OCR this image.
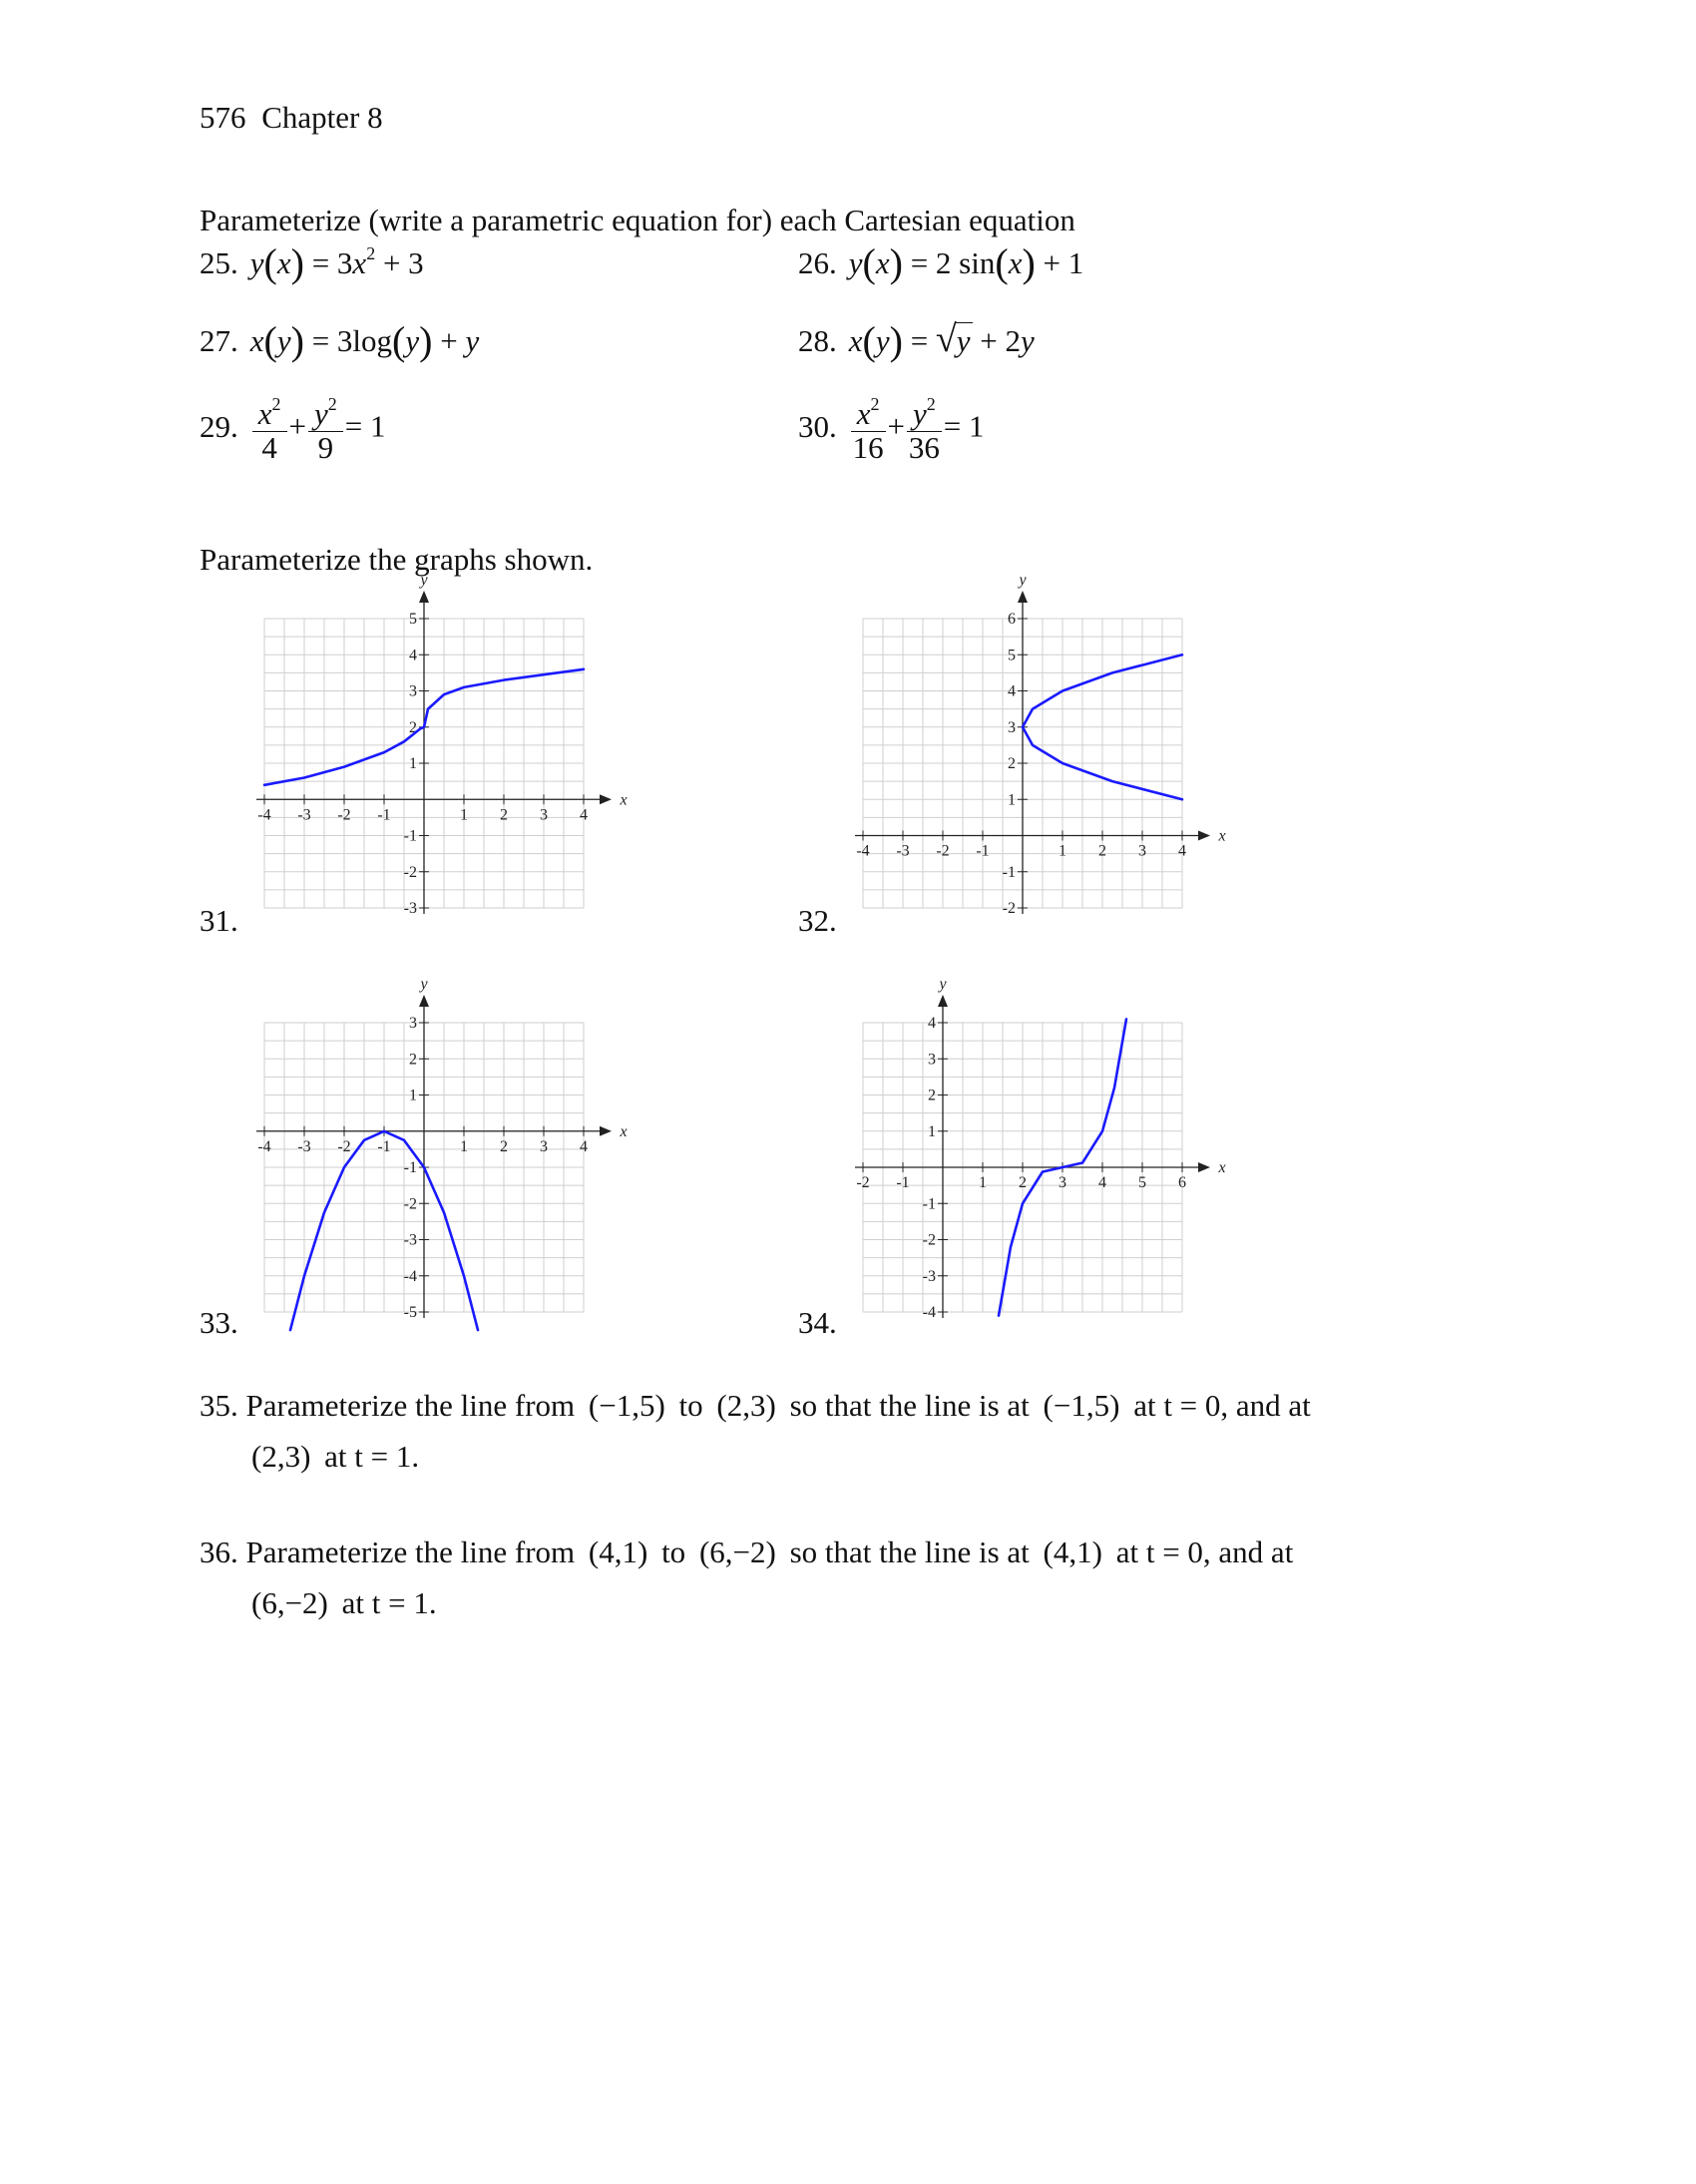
576 Chapter 8
Parameterize (write a parametric equation for) each Cartesian equation
25. $y(x) = 3x^2 + 3$	26. y(x) = 2 sin(x) + 1
27. x(y) = 3log(y) + y	28. x(y) = √y + 2y
29. $\frac{x^2}{4} + \frac{y^2}{9} = 1$	30. $\frac{x^2}{16} + \frac{y^2}{36} = 1$
Parameterize the graphs shown.
31.	32.
33.	34.
x
y
-4 -3 -2 -1	1 2 3 4
-3
-2
-1
1
2
3
4
5
x
y
-4 -3 -2 -1	1 2 3 4
-2
-1
1
2
3
4
5
6
x
y
-4 -3 -2 -1	1 2 3 4
-5
-4
-3
-2
-1
1
2
3
x
y
-2 -1	1 2 3 4 5 6
-4
-3
-2
-1
1
2
3
4
35. Parameterize the line from (−1,5) to (2,3) so that the line is at (−1,5) at t = 0, and at
(2,3) at t = 1.
36. Parameterize the line from (4,1) to (6,−2) so that the line is at (4,1) at t = 0, and at
(6,−2) at t = 1.
